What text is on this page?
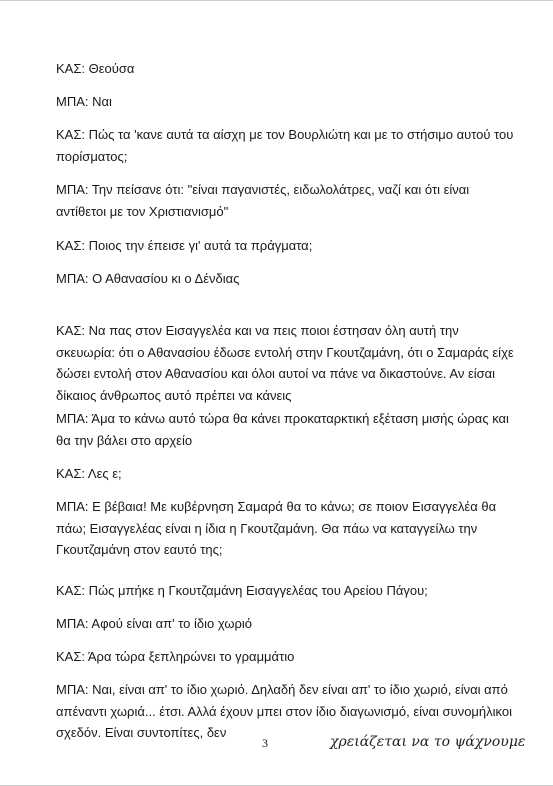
ΚΑΣ: Θεούσα

ΜΠΑ: Ναι

ΚΑΣ: Πώς τα 'κανε αυτά τα αίσχη με τον Βουρλιώτη και με το στήσιμο αυτού του πορίσματος;

ΜΠΑ: Την πείσανε ότι: "είναι παγανιστές, ειδωλολάτρες, ναζί και ότι είναι αντίθετοι με τον Χριστιανισμό"

ΚΑΣ: Ποιος την έπεισε γι' αυτά τα πράγματα;

ΜΠΑ: Ο Αθανασίου κι ο Δένδιας

ΚΑΣ: Να πας στον Εισαγγελέα και να πεις ποιοι έστησαν όλη αυτή την σκευωρία: ότι ο Αθανασίου έδωσε εντολή στην Γκουτζαμάνη, ότι ο Σαμαράς είχε δώσει εντολή στον Αθανασίου και όλοι αυτοί να πάνε να δικαστούνε. Αν είσαι δίκαιος άνθρωπος αυτό πρέπει να κάνεις

ΜΠΑ: Άμα το κάνω αυτό τώρα θα κάνει προκαταρκτική εξέταση μισής ώρας και θα την βάλει στο αρχείο

ΚΑΣ: Λες ε;

ΜΠΑ: Ε βέβαια! Με κυβέρνηση Σαμαρά θα το κάνω; σε ποιον Εισαγγελέα θα πάω; Εισαγγελέας είναι η ίδια η Γκουτζαμάνη. Θα πάω να καταγγείλω την Γκουτζαμάνη στον εαυτό της;

ΚΑΣ: Πώς μπήκε η Γκουτζαμάνη Εισαγγελέας του Αρείου Πάγου;

ΜΠΑ: Αφού είναι απ' το ίδιο χωριό

ΚΑΣ: Άρα τώρα ξεπληρώνει το γραμμάτιο

ΜΠΑ: Ναι, είναι απ' το ίδιο χωριό. Δηλαδή δεν είναι απ' το ίδιο χωριό, είναι από απέναντι χωριά... έτσι. Αλλά έχουν μπει στον ίδιο διαγωνισμό, είναι συνομήλικοι σχεδόν. Είναι συντοπίτες, δεν

3	χρειάζεται να το ψάχνουμε
